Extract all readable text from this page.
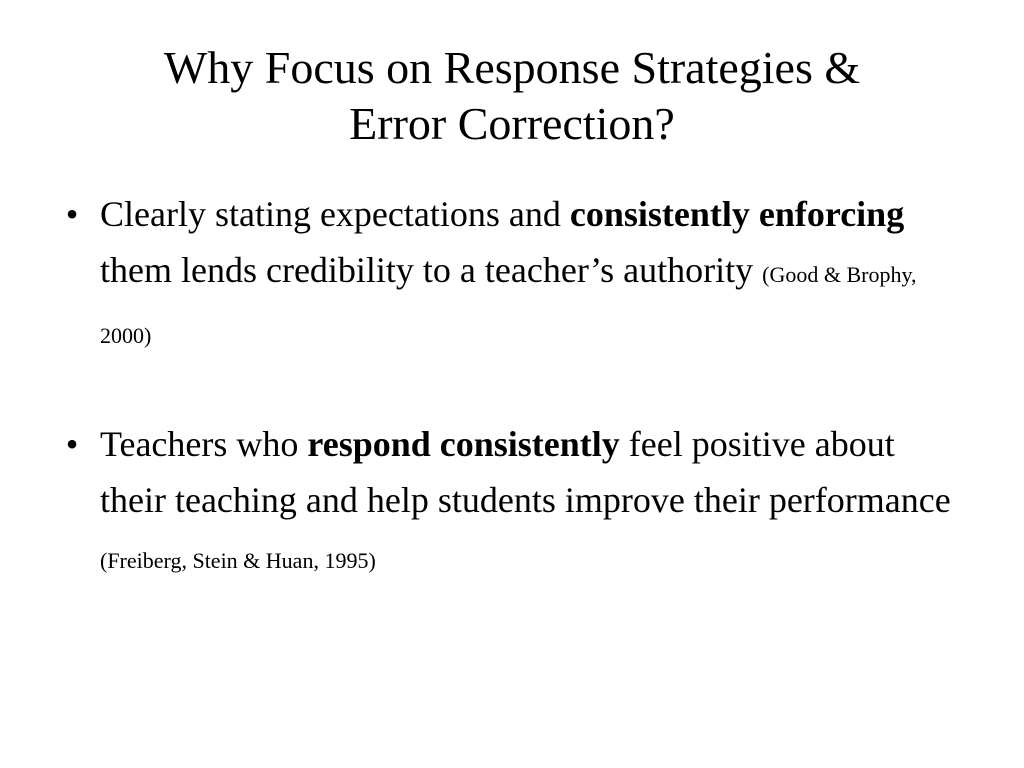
Why Focus on Response Strategies &
Error Correction?
• Clearly stating expectations and consistently enforcing them lends credibility to a teacher’s authority (Good & Brophy, 2000)
• Teachers who respond consistently feel positive about their teaching and help students improve their performance (Freiberg, Stein & Huan, 1995)
